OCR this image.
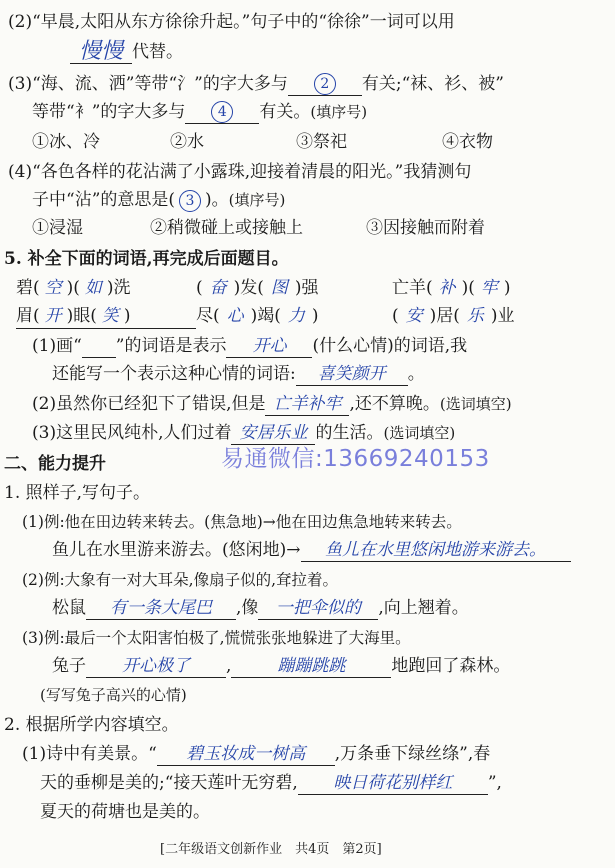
(2)“早晨,太阳从东方徐徐升起。”句子中的“徐徐”一词可以用
慢慢 代替。
(3)“海、流、洒”等带“氵”的字大多与 2 有关;“袜、衫、被”
等带“衤”的字大多与 4 有关。(填序号)
①冰、冷	②水	③祭祀	④衣物
(4)“各色各样的花沾满了小露珠,迎接着清晨的阳光。”我猜测句
子中“沾”的意思是( 3 )。(填序号)
①浸湿	②稍微碰上或接触上	③因接触而附着
5. 补全下面的词语,再完成后面题目。
碧( 空 )( 如 )洗	( 奋 )发( 图 )强	亡羊( 补 )( 牢 )
眉( 开 )眼( 笑 )	尽( 心 )竭( 力 )	( 安 )居( 乐 )业
(1)画“ ”的词语是表示 开心 (什么心情)的词语,我
还能写一个表示这种心情的词语: 喜笑颜开 。
(2)虽然你已经犯下了错误,但是 亡羊补牢 ,还不算晚。(选词填空)
(3)这里民风纯朴,人们过着 安居乐业 的生活。(选词填空)
二、能力提升	易通微信:13669240153
1. 照样子,写句子。
(1)例:他在田边转来转去。(焦急地)→他在田边焦急地转来转去。
鱼儿在水里游来游去。(悠闲地)→ 鱼儿在水里悠闲地游来游去。
(2)例:大象有一对大耳朵,像扇子似的,耷拉着。
松鼠 有一条大尾巴 ,像 一把伞似的 ,向上翘着。
(3)例:最后一个太阳害怕极了,慌慌张张地躲进了大海里。
兔子 开心极了 ,	蹦蹦跳跳	地跑回了森林。
(写写兔子高兴的心情)
2. 根据所学内容填空。
(1)诗中有美景。“ 碧玉妆成一树高 ,万条垂下绿丝绦”,春
天的垂柳是美的;“接天莲叶无穷碧, 映日荷花别样红 ”,
夏天的荷塘也是美的。
[二年级语文创新作业　共4页　第2页]
